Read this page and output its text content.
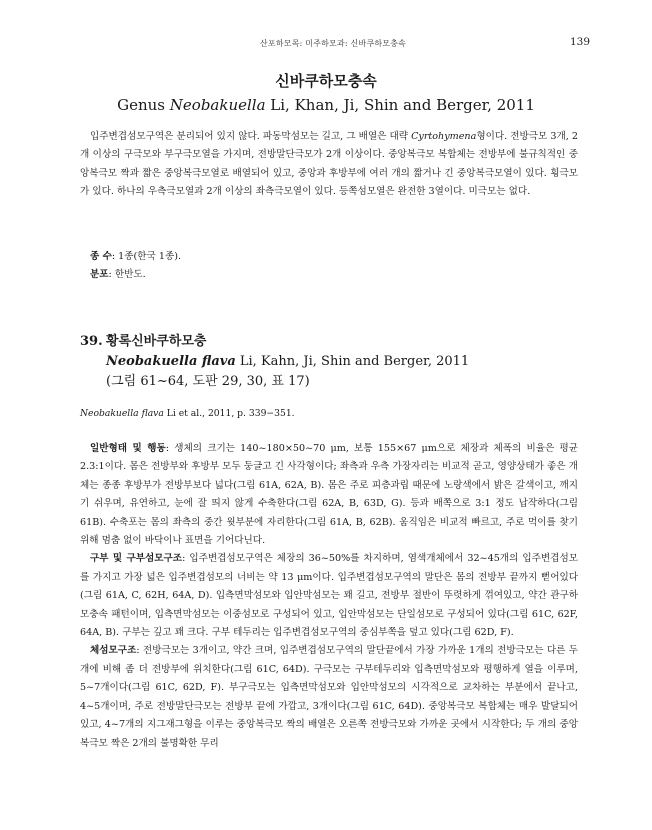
산포하모목: 미주하모과: 신바쿠하모충속	139
신바쿠하모충속
Genus Neobakuella Li, Khan, Ji, Shin and Berger, 2011

입주변겹섬모구역은 분리되어 있지 않다. 파동막섬모는 길고, 그 배열은 대략 Cyrtohymena형이다. 전방극모 3개, 2개 이상의 구극모와 부구극모열을 가지며, 전방말단극모가 2개 이상이다. 중앙복극모 복합체는 전방부에 불규칙적인 중앙복극모 짝과 짧은 중앙복극모열로 배열되어 있고, 중앙과 후방부에 여러 개의 짧거나 긴 중앙복극모열이 있다. 횡극모가 있다. 하나의 우측극모열과 2개 이상의 좌측극모열이 있다. 등쪽섬모열은 완전한 3열이다. 미극모는 없다.

종 수: 1종(한국 1종).
분포: 한반도.
39. 황록신바쿠하모충
Neobakuella flava Li, Kahn, Ji, Shin and Berger, 2011
(그림 61~64, 도판 29, 30, 표 17)
Neobakuella flava Li et al., 2011, p. 339−351.

일반형태 및 행동: 생체의 크기는 140~180×50~70 μm, 보통 155×67 μm으로 체장과 체폭의 비율은 평균 2.3:1이다. 몸은 전방부와 후방부 모두 둥글고 긴 사각형이다; 좌측과 우측 가장자리는 비교적 곧고, 영양상태가 좋은 개체는 종종 후방부가 전방부보다 넓다(그림 61A, 62A, B). 몸은 주로 피층과립 때문에 노랑색에서 밝은 갈색이고, 깨지기 쉬우며, 유연하고, 눈에 잘 띄지 않게 수축한다(그림 62A, B, 63D, G). 등과 배쪽으로 3:1 정도 납작하다(그림 61B). 수축포는 몸의 좌측의 중간 윗부분에 자리한다(그림 61A, B, 62B). 움직임은 비교적 빠르고, 주로 먹이를 찾기 위해 멈춤 없이 바닥이나 표면을 기어다닌다.

구부 및 구부섬모구조: 입주변겹섬모구역은 체장의 36~50%를 차지하며, 염색개체에서 32~45개의 입주변겹섬모를 가지고 가장 넓은 입주변겹섬모의 너비는 약 13 μm이다. 입주변겹섬모구역의 말단은 몸의 전방부 끝까지 뻗어있다(그림 61A, C, 62H, 64A, D). 입측면막섬모와 입안막섬모는 꽤 길고, 전방부 절반이 뚜렷하게 꺾여있고, 약간 관구하모충속 패턴이며, 입측면막섬모는 이중섬모로 구성되어 있고, 입안막섬모는 단일섬모로 구성되어 있다(그림 61C, 62F, 64A, B). 구부는 깊고 꽤 크다. 구부 테두리는 입주변겹섬모구역의 중심부쪽을 덮고 있다(그림 62D, F).

체섬모구조: 전방극모는 3개이고, 약간 크며, 입주변겹섬모구역의 말단끝에서 가장 가까운 1개의 전방극모는 다른 두 개에 비해 좀 더 전방부에 위치한다(그림 61C, 64D). 구극모는 구부테두리와 입측면막섬모와 평행하게 열을 이루며, 5~7개이다(그림 61C, 62D, F). 부구극모는 입측면막섬모와 입안막섬모의 시각적으로 교차하는 부분에서 끝나고, 4~5개이며, 주로 전방말단극모는 전방부 끝에 가깝고, 3개이다(그림 61C, 64D). 중앙복극모 복합체는 매우 발달되어있고, 4~7개의 지그재그형을 이루는 중앙복극모 짝의 배열은 오른쪽 전방극모와 가까운 곳에서 시작한다; 두 개의 중앙복극모 짝은 2개의 불명확한 무리
